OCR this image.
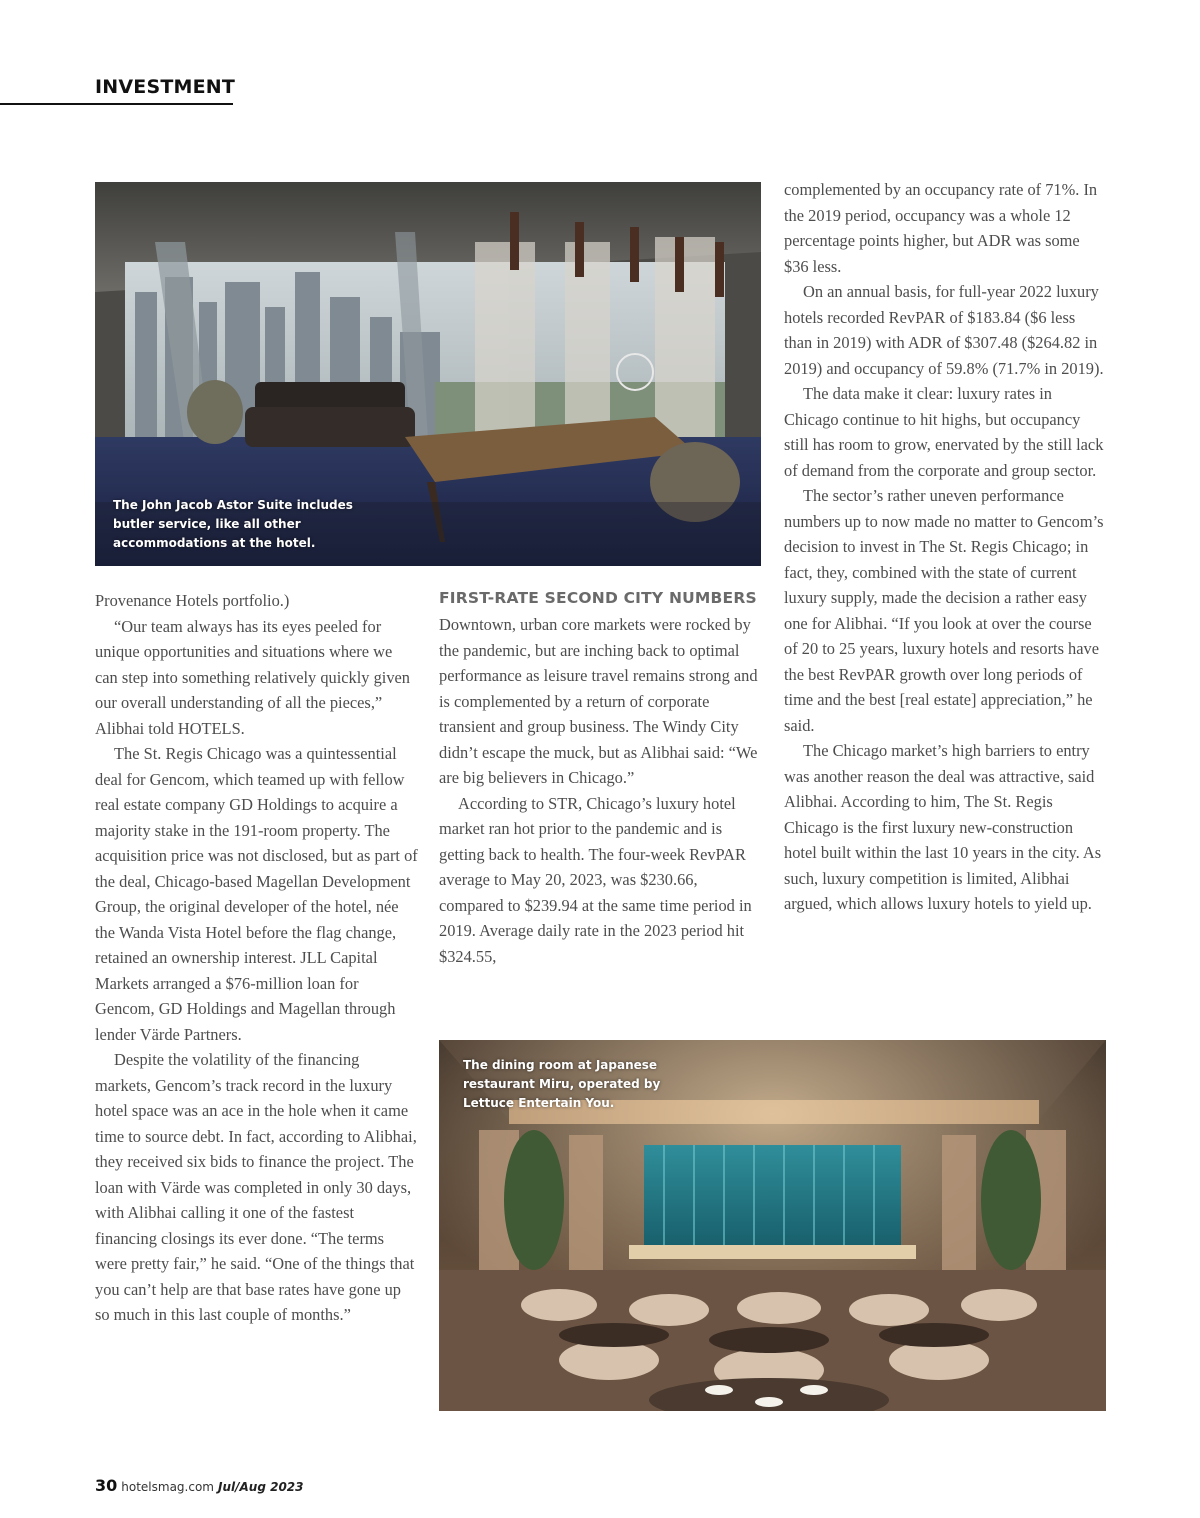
INVESTMENT
The John Jacob Astor Suite includes
butler service, like all other
accommodations at the hotel.

Provenance Hotels portfolio.)

“Our team always has its eyes peeled for unique opportunities and situations where we can step into something relatively quickly given our overall understanding of all the pieces,” Alibhai told HOTELS.

The St. Regis Chicago was a quintessential deal for Gencom, which teamed up with fellow real estate company GD Holdings to acquire a majority stake in the 191-room property. The acquisition price was not disclosed, but as part of the deal, Chicago-based Magellan Development Group, the original developer of the hotel, née the Wanda Vista Hotel before the flag change, retained an ownership interest. JLL Capital Markets arranged a $76-million loan for Gencom, GD Holdings and Magellan through lender Värde Partners.

Despite the volatility of the financing markets, Gencom’s track record in the luxury hotel space was an ace in the hole when it came time to source debt. In fact, according to Alibhai, they received six bids to finance the project. The loan with Värde was completed in only 30 days, with Alibhai calling it one of the fastest financing closings its ever done. “The terms were pretty fair,” he said. “One of the things that you can’t help are that base rates have gone up so much in this last couple of months.”

FIRST-RATE SECOND CITY NUMBERS

Downtown, urban core markets were rocked by the pandemic, but are inching back to optimal performance as leisure travel remains strong and is complemented by a return of corporate transient and group business. The Windy City didn’t escape the muck, but as Alibhai said: “We are big believers in Chicago.”

According to STR, Chicago’s luxury hotel market ran hot prior to the pandemic and is getting back to health. The four-week RevPAR average to May 20, 2023, was $230.66, compared to $239.94 at the same time period in 2019. Average daily rate in the 2023 period hit $324.55,

complemented by an occupancy rate of 71%. In the 2019 period, occupancy was a whole 12 percentage points higher, but ADR was some $36 less.

On an annual basis, for full-year 2022 luxury hotels recorded RevPAR of $183.84 ($6 less than in 2019) with ADR of $307.48 ($264.82 in 2019) and occupancy of 59.8% (71.7% in 2019).

The data make it clear: luxury rates in Chicago continue to hit highs, but occupancy still has room to grow, enervated by the still lack of demand from the corporate and group sector.

The sector’s rather uneven performance numbers up to now made no matter to Gencom’s decision to invest in The St. Regis Chicago; in fact, they, combined with the state of current luxury supply, made the decision a rather easy one for Alibhai. “If you look at over the course of 20 to 25 years, luxury hotels and resorts have the best RevPAR growth over long periods of time and the best [real estate] appreciation,” he said.

The Chicago market’s high barriers to entry was another reason the deal was attractive, said Alibhai. According to him, The St. Regis Chicago is the first luxury new-construction hotel built within the last 10 years in the city. As such, luxury competition is limited, Alibhai argued, which allows luxury hotels to yield up.

The dining room at Japanese
restaurant Miru, operated by
Lettuce Entertain You.
30 hotelsmag.com Jul/Aug 2023
